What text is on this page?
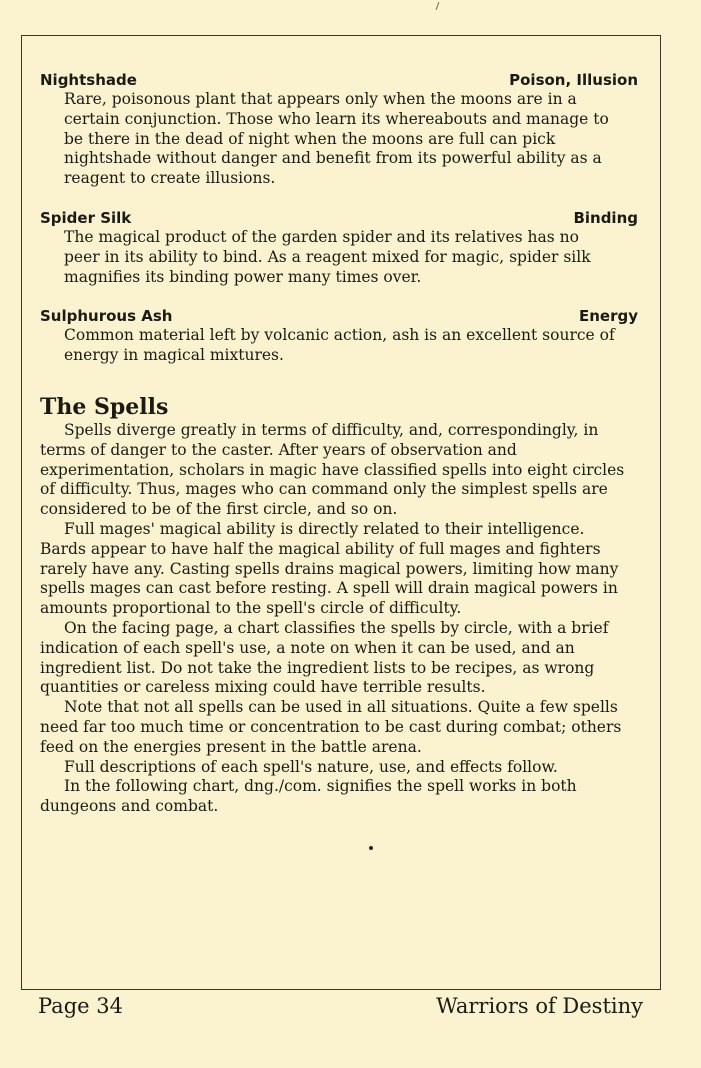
Nightshade	Poison, Illusion
Rare, poisonous plant that appears only when the moons are in a certain conjunction. Those who learn its whereabouts and manage to be there in the dead of night when the moons are full can pick nightshade without danger and benefit from its powerful ability as a reagent to create illusions.
Spider Silk	Binding
The magical product of the garden spider and its relatives has no peer in its ability to bind. As a reagent mixed for magic, spider silk magnifies its binding power many times over.
Sulphurous Ash	Energy
Common material left by volcanic action, ash is an excellent source of energy in magical mixtures.
The Spells

Spells diverge greatly in terms of difficulty, and, correspondingly, in terms of danger to the caster. After years of observation and experimentation, scholars in magic have classified spells into eight circles of difficulty. Thus, mages who can command only the simplest spells are considered to be of the first circle, and so on.

Full mages' magical ability is directly related to their intelligence. Bards appear to have half the magical ability of full mages and fighters rarely have any. Casting spells drains magical powers, limiting how many spells mages can cast before resting. A spell will drain magical powers in amounts proportional to the spell's circle of difficulty.

On the facing page, a chart classifies the spells by circle, with a brief indication of each spell's use, a note on when it can be used, and an ingredient list. Do not take the ingredient lists to be recipes, as wrong quantities or careless mixing could have terrible results.

Note that not all spells can be used in all situations. Quite a few spells need far too much time or concentration to be cast during combat; others feed on the energies present in the battle arena.

Full descriptions of each spell's nature, use, and effects follow.

In the following chart, dng./com. signifies the spell works in both dungeons and combat.

Page 34	Warriors of Destiny
